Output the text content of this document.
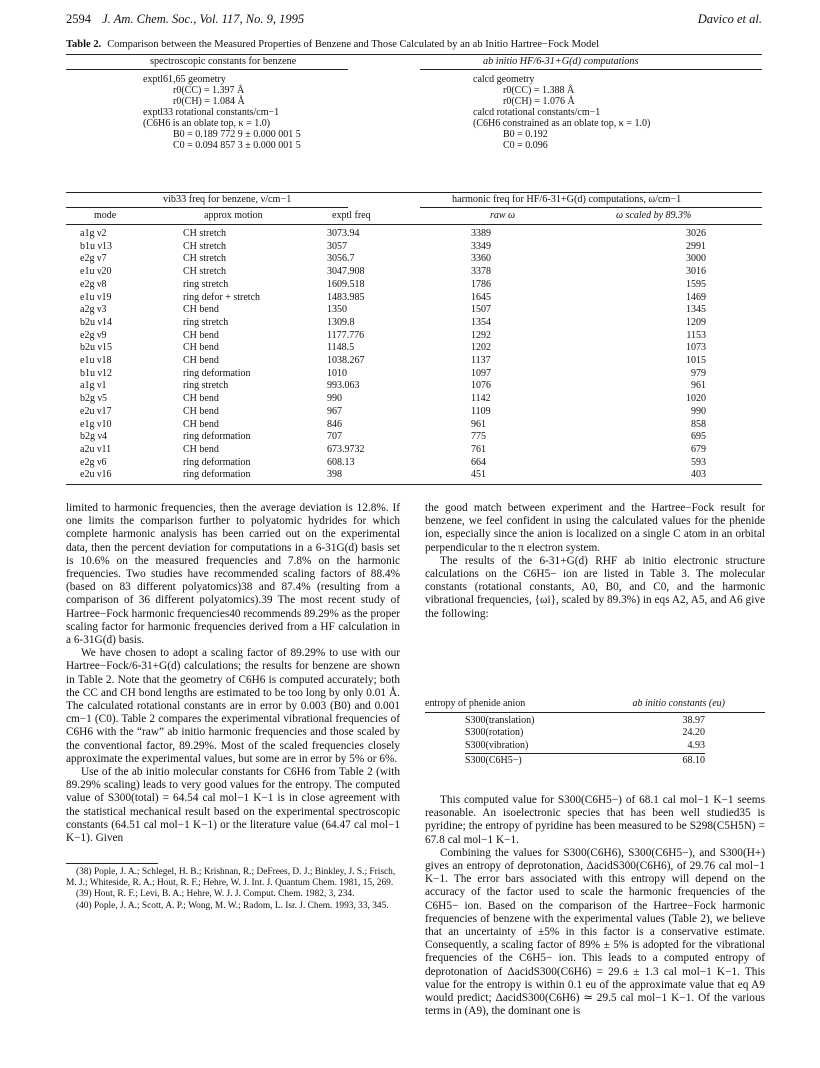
2594 J. Am. Chem. Soc., Vol. 117, No. 9, 1995	Davico et al.
Table 2. Comparison between the Measured Properties of Benzene and Those Calculated by an ab Initio Hartree−Fock Model
spectroscopic constants for benzene	ab initio HF/6-31+G(d) computations
exptl61,65 geometry
r0(CC) = 1.397 Å
r0(CH) = 1.084 Å
exptl33 rotational constants/cm−1
(C6H6 is an oblate top, κ = 1.0)
B0 = 0.189 772 9 ± 0.000 001 5
C0 = 0.094 857 3 ± 0.000 001 5
calcd geometry
r0(CC) = 1.388 Å
r0(CH) = 1.076 Å
calcd rotational constants/cm−1
(C6H6 constrained as an oblate top, κ = 1.0)
B0 = 0.192
C0 = 0.096
vib33 freq for benzene, ν/cm−1	harmonic freq for HF/6-31+G(d) computations, ω/cm−1
mode	approx motion	exptl freq	raw ω	ω scaled by 89.3%
a1g ν2	CH stretch	3073.94	3389	3026
b1u ν13	CH stretch	3057	3349	2991
e2g ν7	CH stretch	3056.7	3360	3000
e1u ν20	CH stretch	3047.908	3378	3016
e2g ν8	ring stretch	1609.518	1786	1595
e1u ν19	ring defor + stretch	1483.985	1645	1469
a2g ν3	CH bend	1350	1507	1345
b2u ν14	ring stretch	1309.8	1354	1209
e2g ν9	CH bend	1177.776	1292	1153
b2u ν15	CH bend	1148.5	1202	1073
e1u ν18	CH bend	1038.267	1137	1015
b1u ν12	ring deformation	1010	1097	979
a1g ν1	ring stretch	993.063	1076	961
b2g ν5	CH bend	990	1142	1020
e2u ν17	CH bend	967	1109	990
e1g ν10	CH bend	846	961	858
b2g ν4	ring deformation	707	775	695
a2u ν11	CH bend	673.9732	761	679
e2g ν6	ring deformation	608.13	664	593
e2u ν16	ring deformation	398	451	403

limited to harmonic frequencies, then the average deviation is 12.8%. If one limits the comparison further to polyatomic hydrides for which complete harmonic analysis has been carried out on the experimental data, then the percent deviation for computations in a 6-31G(d) basis set is 10.6% on the measured frequencies and 7.8% on the harmonic frequencies. Two studies have recommended scaling factors of 88.4% (based on 83 different polyatomics)38 and 87.4% (resulting from a comparison of 36 different polyatomics).39 The most recent study of Hartree−Fock harmonic frequencies40 recommends 89.29% as the proper scaling factor for harmonic frequencies derived from a HF calculation in a 6-31G(d) basis.

We have chosen to adopt a scaling factor of 89.29% to use with our Hartree−Fock/6-31+G(d) calculations; the results for benzene are shown in Table 2. Note that the geometry of C6H6 is computed accurately; both the CC and CH bond lengths are estimated to be too long by only 0.01 Å. The calculated rotational constants are in error by 0.003 (B0) and 0.001 cm−1 (C0). Table 2 compares the experimental vibrational frequencies of C6H6 with the “raw” ab initio harmonic frequencies and those scaled by the conventional factor, 89.29%. Most of the scaled frequencies closely approximate the experimental values, but some are in error by 5% or 6%.

Use of the ab initio molecular constants for C6H6 from Table 2 (with 89.29% scaling) leads to very good values for the entropy. The computed value of S300(total) = 64.54 cal mol−1 K−1 is in close agreement with the statistical mechanical result based on the experimental spectroscopic constants (64.51 cal mol−1 K−1) or the literature value (64.47 cal mol−1 K−1). Given

(38) Pople, J. A.; Schlegel, H. B.; Krishnan, R.; DeFrees, D. J.; Binkley, J. S.; Frisch, M. J.; Whiteside, R. A.; Hout, R. F.; Hehre, W. J. Int. J. Quantum Chem. 1981, 15, 269.
(39) Hout, R. F.; Levi, B. A.; Hehre, W. J. J. Comput. Chem. 1982, 3, 234.
(40) Pople, J. A.; Scott, A. P.; Wong, M. W.; Radom, L. Isr. J. Chem. 1993, 33, 345.

the good match between experiment and the Hartree−Fock result for benzene, we feel confident in using the calculated values for the phenide ion, especially since the anion is localized on a single C atom in an orbital perpendicular to the π electron system.

The results of the 6-31+G(d) RHF ab initio electronic structure calculations on the C6H5− ion are listed in Table 3. The molecular constants (rotational constants, A0, B0, and C0, and the harmonic vibrational frequencies, {ωi}, scaled by 89.3%) in eqs A2, A5, and A6 give the following:

entropy of phenide anion	ab initio constants (eu)
S300(translation)	38.97
S300(rotation)	24.20
S300(vibration)	4.93
S300(C6H5−)	68.10

This computed value for S300(C6H5−) of 68.1 cal mol−1 K−1 seems reasonable. An isoelectronic species that has been well studied35 is pyridine; the entropy of pyridine has been measured to be S298(C5H5N) = 67.8 cal mol−1 K−1.

Combining the values for S300(C6H6), S300(C6H5−), and S300(H+) gives an entropy of deprotonation, ΔacidS300(C6H6), of 29.76 cal mol−1 K−1. The error bars associated with this entropy will depend on the accuracy of the factor used to scale the harmonic frequencies of the C6H5− ion. Based on the comparison of the Hartree−Fock harmonic frequencies of benzene with the experimental values (Table 2), we believe that an uncertainty of ±5% in this factor is a conservative estimate. Consequently, a scaling factor of 89% ± 5% is adopted for the vibrational frequencies of the C6H5− ion. This leads to a computed entropy of deprotonation of ΔacidS300(C6H6) = 29.6 ± 1.3 cal mol−1 K−1. This value for the entropy is within 0.1 eu of the approximate value that eq A9 would predict; ΔacidS300(C6H6) ≃ 29.5 cal mol−1 K−1. Of the various terms in (A9), the dominant one is
